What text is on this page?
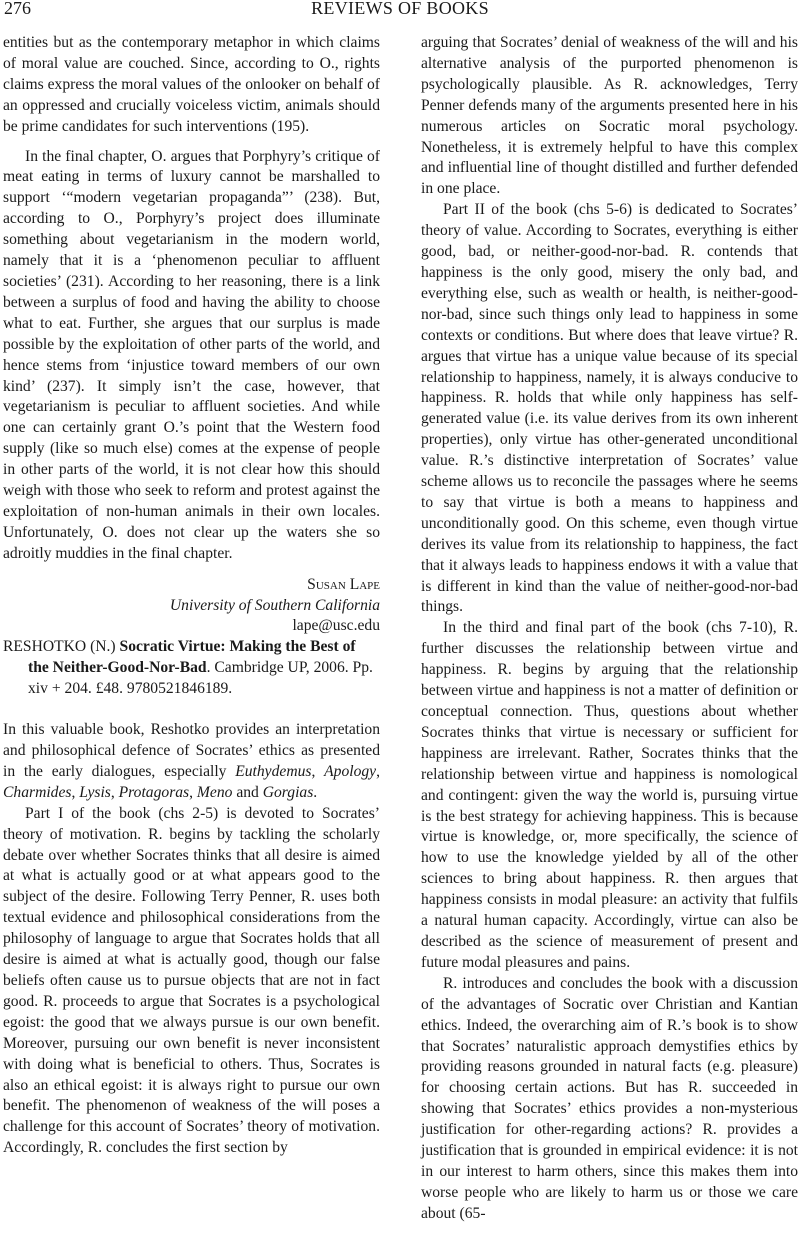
276	REVIEWS OF BOOKS

entities but as the contemporary metaphor in which claims of moral value are couched. Since, according to O., rights claims express the moral values of the onlooker on behalf of an oppressed and crucially voiceless victim, animals should be prime candidates for such interventions (195).

In the final chapter, O. argues that Porphyry’s critique of meat eating in terms of luxury cannot be marshalled to support ‘“modern vegetarian propaganda”’ (238). But, according to O., Porphyry’s project does illuminate something about vegetarianism in the modern world, namely that it is a ‘phenomenon peculiar to affluent societies’ (231). According to her reasoning, there is a link between a surplus of food and having the ability to choose what to eat. Further, she argues that our surplus is made possible by the exploitation of other parts of the world, and hence stems from ‘injustice toward members of our own kind’ (237). It simply isn’t the case, however, that vegetarianism is peculiar to affluent societies. And while one can certainly grant O.’s point that the Western food supply (like so much else) comes at the expense of people in other parts of the world, it is not clear how this should weigh with those who seek to reform and protest against the exploitation of non-human animals in their own locales. Unfortunately, O. does not clear up the waters she so adroitly muddies in the final chapter.

Susan Lape
University of Southern California
lape@usc.edu

RESHOTKO (N.) Socratic Virtue: Making the Best of the Neither-Good-Nor-Bad. Cambridge UP, 2006. Pp. xiv + 204. £48. 9780521846189.

In this valuable book, Reshotko provides an interpretation and philosophical defence of Socrates’ ethics as presented in the early dialogues, especially Euthydemus, Apology, Charmides, Lysis, Protagoras, Meno and Gorgias.

Part I of the book (chs 2-5) is devoted to Socrates’ theory of motivation. R. begins by tackling the scholarly debate over whether Socrates thinks that all desire is aimed at what is actually good or at what appears good to the subject of the desire. Following Terry Penner, R. uses both textual evidence and philosophical considerations from the philosophy of language to argue that Socrates holds that all desire is aimed at what is actually good, though our false beliefs often cause us to pursue objects that are not in fact good. R. proceeds to argue that Socrates is a psychological egoist: the good that we always pursue is our own benefit. Moreover, pursuing our own benefit is never inconsistent with doing what is beneficial to others. Thus, Socrates is also an ethical egoist: it is always right to pursue our own benefit. The phenomenon of weakness of the will poses a challenge for this account of Socrates’ theory of motivation. Accordingly, R. concludes the first section by

arguing that Socrates’ denial of weakness of the will and his alternative analysis of the purported phenomenon is psychologically plausible. As R. acknowledges, Terry Penner defends many of the arguments presented here in his numerous articles on Socratic moral psychology. Nonetheless, it is extremely helpful to have this complex and influential line of thought distilled and further defended in one place.

Part II of the book (chs 5-6) is dedicated to Socrates’ theory of value. According to Socrates, everything is either good, bad, or neither-good-nor-bad. R. contends that happiness is the only good, misery the only bad, and everything else, such as wealth or health, is neither-good-nor-bad, since such things only lead to happiness in some contexts or conditions. But where does that leave virtue? R. argues that virtue has a unique value because of its special relationship to happiness, namely, it is always conducive to happiness. R. holds that while only happiness has self-generated value (i.e. its value derives from its own inherent properties), only virtue has other-generated unconditional value. R.’s distinctive interpretation of Socrates’ value scheme allows us to reconcile the passages where he seems to say that virtue is both a means to happiness and unconditionally good. On this scheme, even though virtue derives its value from its relationship to happiness, the fact that it always leads to happiness endows it with a value that is different in kind than the value of neither-good-nor-bad things.

In the third and final part of the book (chs 7-10), R. further discusses the relationship between virtue and happiness. R. begins by arguing that the relationship between virtue and happiness is not a matter of definition or conceptual connection. Thus, questions about whether Socrates thinks that virtue is necessary or sufficient for happiness are irrelevant. Rather, Socrates thinks that the relationship between virtue and happiness is nomological and contingent: given the way the world is, pursuing virtue is the best strategy for achieving happiness. This is because virtue is knowledge, or, more specifically, the science of how to use the knowledge yielded by all of the other sciences to bring about happiness. R. then argues that happiness consists in modal pleasure: an activity that fulfils a natural human capacity. Accordingly, virtue can also be described as the science of measurement of present and future modal pleasures and pains.

R. introduces and concludes the book with a discussion of the advantages of Socratic over Christian and Kantian ethics. Indeed, the overarching aim of R.’s book is to show that Socrates’ naturalistic approach demystifies ethics by providing reasons grounded in natural facts (e.g. pleasure) for choosing certain actions. But has R. succeeded in showing that Socrates’ ethics provides a non-mysterious justification for other-regarding actions? R. provides a justification that is grounded in empirical evidence: it is not in our interest to harm others, since this makes them into worse people who are likely to harm us or those we care about (65-
